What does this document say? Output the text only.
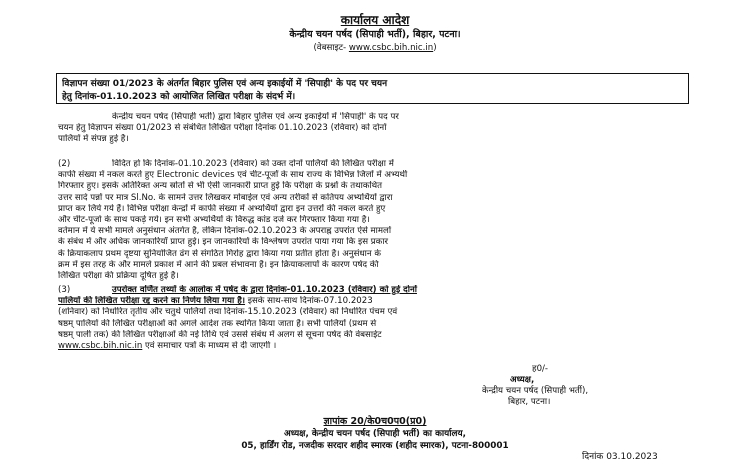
कार्यालय आदेश
केन्द्रीय चयन पर्षद (सिपाही भर्ती), बिहार, पटना।
(वेबसाइट- www.csbc.bih.nic.in)
विज्ञापन संख्या 01/2023 के अंतर्गत बिहार पुलिस एवं अन्य इकाईयों में 'सिपाही' के पद पर चयन
हेतु दिनांक-01.10.2023 को आयोजित लिखित परीक्षा के संदर्भ में।
केन्द्रीय चयन पर्षद (सिपाही भर्ती) द्वारा बिहार पुलिस एवं अन्य इकाईयों में 'सिपाही' के पद पर
चयन हेतु विज्ञापन संख्या 01/2023 से संबंधित लिखित परीक्षा दिनांक 01.10.2023 (रविवार) को दोनों
पालियों में संपन्न हुई है।
(2)	विदित हो कि दिनांक-01.10.2023 (रविवार) को उक्त दोनों पालियों की लिखित परीक्षा में
काफी संख्या में नकल करते हुए Electronic devices एवं चीट-पूर्जों के साथ राज्य के विभिन्न जिलों में अभ्यर्थी
गिरफ्तार हुए। इसके अतिरिक्त अन्य स्रोतों से भी ऐसी जानकारी प्राप्त हुई कि परीक्षा के प्रश्नों के तथाकथित
उत्तर सादे पन्नों पर मात्र Sl.No. के सामने उत्तर लिखकर मोबाईल एवं अन्य तरीकों से कतिपय अभ्यर्थियों द्वारा
प्राप्त कर लिये गये हैं। विभिन्न परीक्षा केन्द्रों में काफी संख्या में अभ्यर्थियों द्वारा इन उत्तरों की नकल करते हुए
और चीट-पूर्जा के साथ पकड़े गये। इन सभी अभ्यर्थियों के विरुद्ध कांड दर्ज कर गिरफ्तार किया गया है।
वर्तमान में ये सभी मामले अनुसंधान अंतर्गत है, लेकिन दिनांक-02.10.2023 के अपराह्न उपरांत ऐसे मामलों
के संबंध में और अधिक जानकारियाँ प्राप्त हुई। इन जानकारियों के विश्लेषण उपरांत पाया गया कि इस प्रकार
के क्रियाकलाप प्रथम दृष्टया सुनियोजित ढंग से संगठित गिरोह द्वारा किया गया प्रतीत होता है। अनुसंधान के
क्रम में इस तरह के और मामले प्रकाश में आने की प्रबल संभावना है। इन क्रियाकलापों के कारण पर्षद की
लिखित परीक्षा की प्रक्रिया दूषित हुई है।
(3)	उपरोक्त वर्णित तथ्यों के आलोक में पर्षद के द्वारा दिनांक-01.10.2023 (रविवार) को हुई दोनों
पालियों की लिखित परीक्षा रद्द करने का निर्णय लिया गया है। इसके साथ-साथ दिनांक-07.10.2023
(शनिवार) को निर्धारित तृतीय और चतुर्थ पालियों तथा दिनांक-15.10.2023 (रविवार) को निर्धारित पंचम एवं
षष्ठम् पालियों की लिखित परीक्षाओं को अगले आदेश तक स्थगित किया जाता है। सभी पालियों (प्रथम से
षष्ठम् पाली तक) की लिखित परीक्षाओं की नई तिथि एवं उससे संबंध में अलग से सूचना पर्षद की वेबसाईट
www.csbc.bih.nic.in एवं समाचार पत्रों के माध्यम से दी जाएगी ।
ह0/-
अध्यक्ष,
केन्द्रीय चयन पर्षद (सिपाही भर्ती),
बिहार, पटना।
ज्ञापांक 20/के0च0प0(प्र0)
अध्यक्ष, केन्द्रीय चयन पर्षद (सिपाही भर्ती) का कार्यालय,
05, हार्डिंग रोड, नजदीक सरदार शहीद स्मारक (शहीद स्मारक), पटना-800001
दिनांक 03.10.2023
